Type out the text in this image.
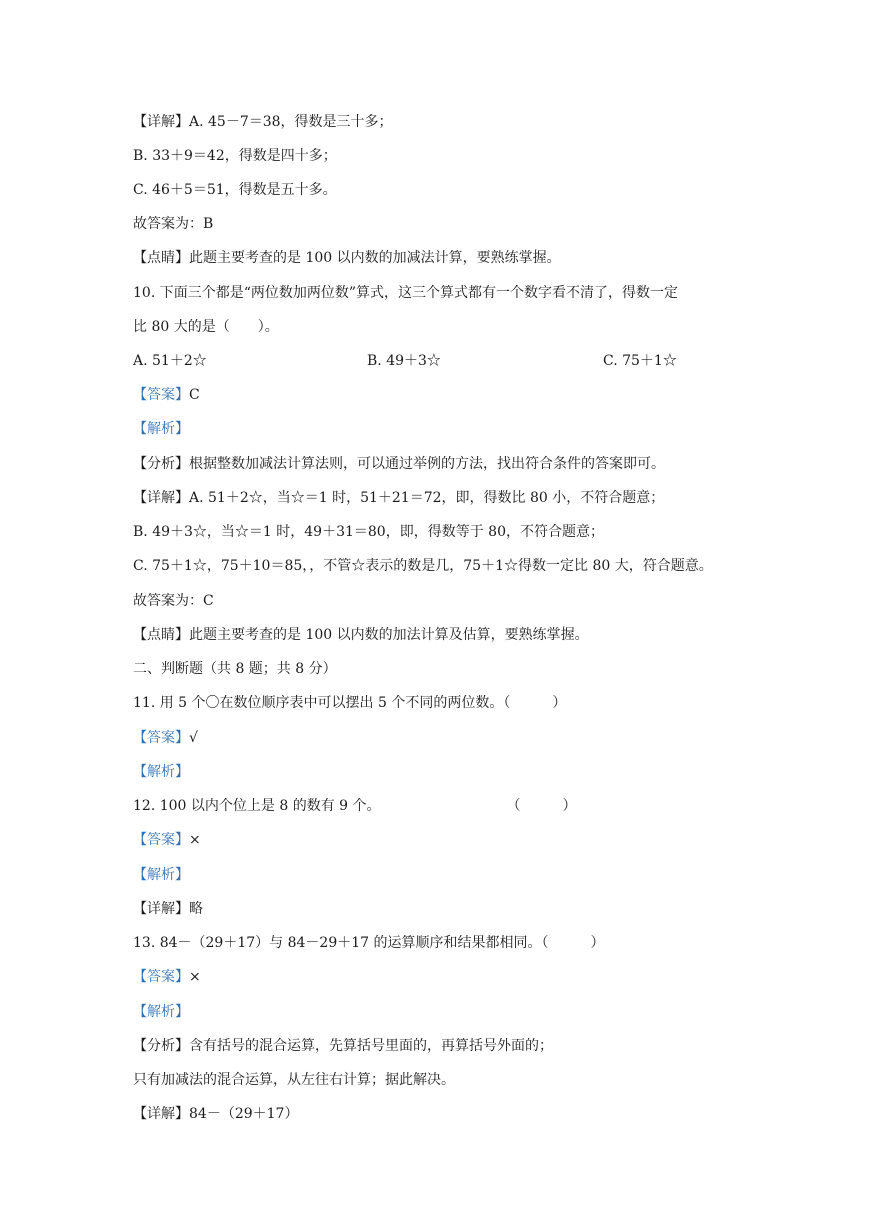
【详解】A. 45－7＝38，得数是三十多；
B. 33＋9＝42，得数是四十多；
C. 46＋5＝51，得数是五十多。
故答案为：B
【点睛】此题主要考查的是 100 以内数的加减法计算，要熟练掌握。
10. 下面三个都是“两位数加两位数”算式，这三个算式都有一个数字看不清了，得数一定
比 80 大的是（　　）。
A. 51＋2☆	B. 49＋3☆	C. 75＋1☆
【答案】C
【解析】
【分析】根据整数加减法计算法则，可以通过举例的方法，找出符合条件的答案即可。
【详解】A. 51＋2☆，当☆＝1 时，51＋21＝72，即，得数比 80 小，不符合题意；
B. 49＋3☆，当☆＝1 时，49＋31＝80，即，得数等于 80，不符合题意；
C. 75＋1☆，75＋10＝85，，不管☆表示的数是几，75＋1☆得数一定比 80 大，符合题意。
故答案为：C
【点睛】此题主要考查的是 100 以内数的加法计算及估算，要熟练掌握。
二、判断题（共 8 题；共 8 分）
11. 用 5 个〇在数位顺序表中可以摆出 5 个不同的两位数。（　　　）
【答案】√
【解析】
12. 100 以内个位上是 8 的数有 9 个。　　　　　　　　　　（　　　）
【答案】×
【解析】
【详解】略
13. 84－（29＋17）与 84－29＋17 的运算顺序和结果都相同。（　　　）
【答案】×
【解析】
【分析】含有括号的混合运算，先算括号里面的，再算括号外面的；
只有加减法的混合运算，从左往右计算；据此解决。
【详解】84－（29＋17）
